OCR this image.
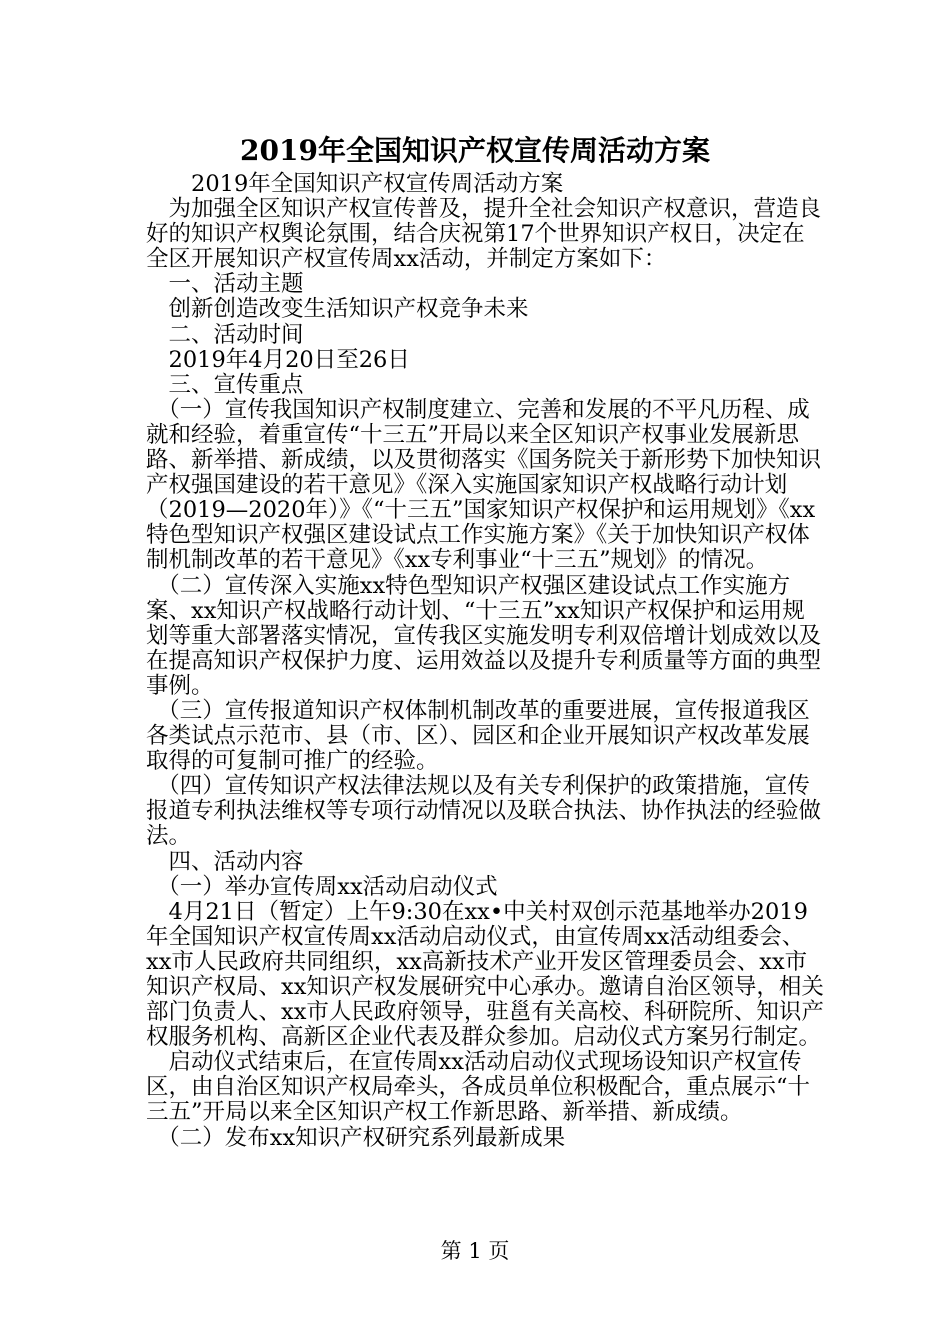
2019年全国知识产权宣传周活动方案

　　2019年全国知识产权宣传周活动方案

　为加强全区知识产权宣传普及，提升全社会知识产权意识，营造良好的知识产权舆论氛围，结合庆祝第17个世界知识产权日，决定在全区开展知识产权宣传周xx活动，并制定方案如下：

　一、活动主题

　创新创造改变生活知识产权竞争未来

　二、活动时间

　2019年4月20日至26日

　三、宣传重点

　（一）宣传我国知识产权制度建立、完善和发展的不平凡历程、成就和经验，着重宣传“十三五”开局以来全区知识产权事业发展新思路、新举措、新成绩，以及贯彻落实《国务院关于新形势下加快知识产权强国建设的若干意见》《深入实施国家知识产权战略行动计划（2019—2020年）》《“十三五”国家知识产权保护和运用规划》《xx特色型知识产权强区建设试点工作实施方案》《关于加快知识产权体制机制改革的若干意见》《xx专利事业“十三五”规划》的情况。

　（二）宣传深入实施xx特色型知识产权强区建设试点工作实施方案、xx知识产权战略行动计划、“十三五”xx知识产权保护和运用规划等重大部署落实情况，宣传我区实施发明专利双倍增计划成效以及在提高知识产权保护力度、运用效益以及提升专利质量等方面的典型事例。

　（三）宣传报道知识产权体制机制改革的重要进展，宣传报道我区各类试点示范市、县（市、区）、园区和企业开展知识产权改革发展取得的可复制可推广的经验。

　（四）宣传知识产权法律法规以及有关专利保护的政策措施，宣传报道专利执法维权等专项行动情况以及联合执法、协作执法的经验做法。

　四、活动内容

　（一）举办宣传周xx活动启动仪式

　4月21日（暂定）上午9:30在xx•中关村双创示范基地举办2019年全国知识产权宣传周xx活动启动仪式，由宣传周xx活动组委会、xx市人民政府共同组织，xx高新技术产业开发区管理委员会、xx市知识产权局、xx知识产权发展研究中心承办。邀请自治区领导，相关部门负责人、xx市人民政府领导，驻邕有关高校、科研院所、知识产权服务机构、高新区企业代表及群众参加。启动仪式方案另行制定。

　启动仪式结束后，在宣传周xx活动启动仪式现场设知识产权宣传区，由自治区知识产权局牵头，各成员单位积极配合，重点展示“十三五”开局以来全区知识产权工作新思路、新举措、新成绩。

　（二）发布xx知识产权研究系列最新成果

第 1 页
